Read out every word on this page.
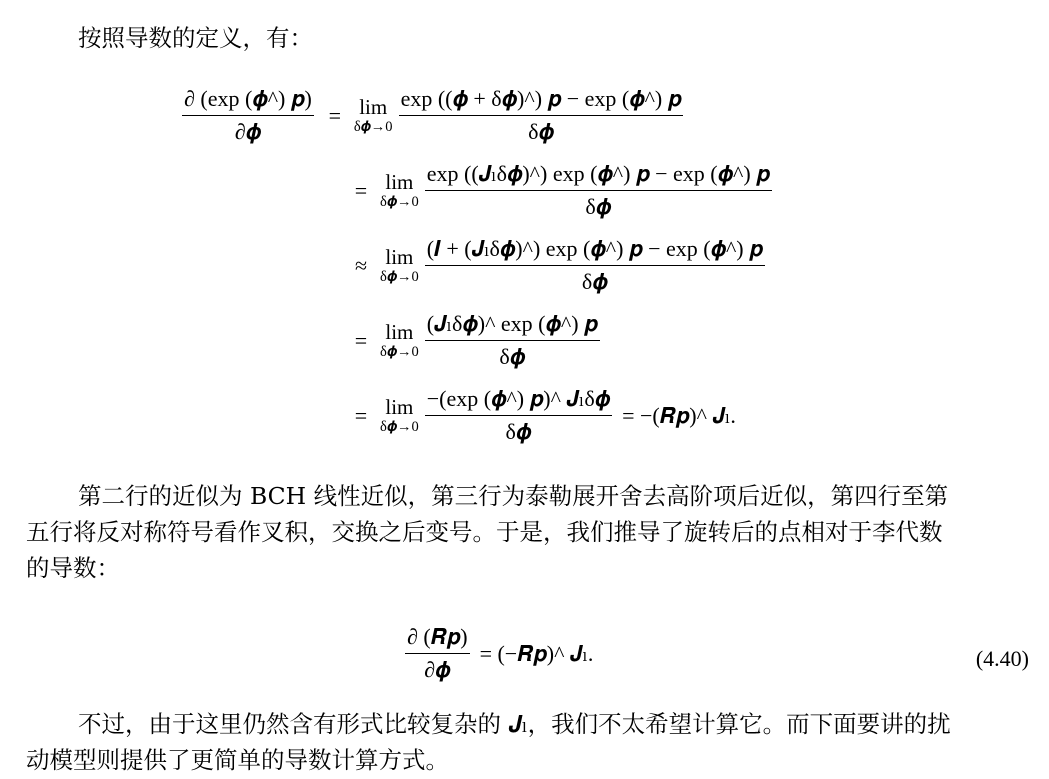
按照导数的定义，有：

$\frac{\text{∂ (exp (𝝓\textasciicircum{}) 𝒑)}}{\text{∂𝝓}} = \lim$
δ𝝓→0 $\frac{\text{exp ((𝝓 + δ𝝓)\textasciicircum{}) 𝒑 − exp (𝝓\textasciicircum{}) 𝒑}}{\text{δ𝝓}}$
= lim
δ𝝓→0 $\frac{\text{exp ((𝑱ₗδ𝝓)\textasciicircum{}) exp (𝝓\textasciicircum{}) 𝒑 − exp (𝝓\textasciicircum{}) 𝒑}}{\text{δ𝝓}}$
≈ lim
δ𝝓→0 $\frac{\text{(𝑰 + (𝑱ₗδ𝝓)\textasciicircum{}) exp (𝝓\textasciicircum{}) 𝒑 − exp (𝝓\textasciicircum{}) 𝒑}}{\text{δ𝝓}}$
= lim
δ𝝓→0 $\frac{\text{(𝑱ₗδ𝝓)\textasciicircum{} exp (𝝓\textasciicircum{}) 𝒑}}{\text{δ𝝓}}$
= lim
δ𝝓→0 $\frac{\text{−(exp (𝝓\textasciicircum{}) 𝒑)\textasciicircum{} 𝑱ₗδ𝝓}}{\text{δ𝝓}}$ = −(𝑹𝒑)^ 𝑱ₗ.

第二行的近似为 BCH 线性近似，第三行为泰勒展开舍去高阶项后近似，第四行至第

五行将反对称符号看作叉积，交换之后变号。于是，我们推导了旋转后的点相对于李代数

的导数：

$\frac{\text{∂ (𝑹𝒑)}}{\text{∂𝝓}}$ = (−𝑹𝒑)^ 𝑱ₗ.	(4.40)

不过，由于这里仍然含有形式比较复杂的 𝑱ₗ，我们不太希望计算它。而下面要讲的扰

动模型则提供了更简单的导数计算方式。
